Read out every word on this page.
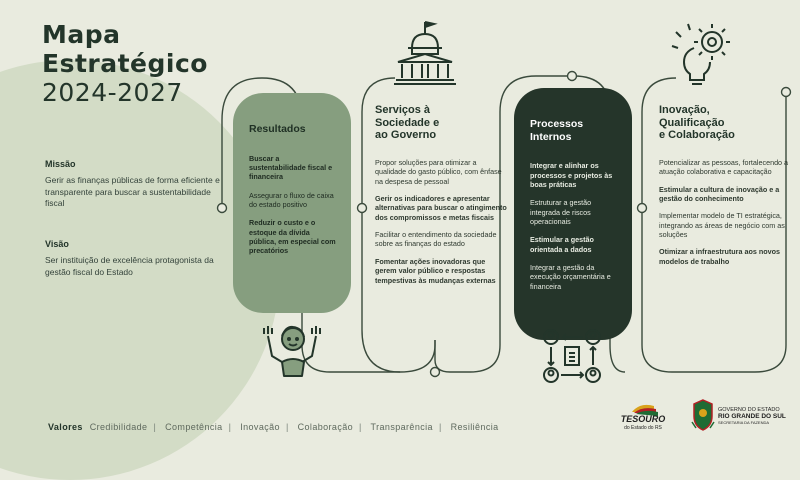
Mapa
Estratégico
2024-2027
Missão
Gerir as finanças públicas de forma eficiente e transparente para buscar a sustentabilidade fiscal
Visão
Ser instituição de excelência protagonista da gestão fiscal do Estado
Resultados
Buscar a sustentabilidade fiscal e financeira
Assegurar o fluxo de caixa do estado positivo
Reduzir o custo e o estoque da dívida pública, em especial com precatórios
Serviços à
Sociedade e
ao Governo
Propor soluções para otimizar a qualidade do gasto público, com ênfase na despesa de pessoal
Gerir os indicadores e apresentar alternativas para buscar o atingimento dos compromissos e metas fiscais
Facilitar o entendimento da sociedade sobre as finanças do estado
Fomentar ações inovadoras que gerem valor público e respostas tempestivas às mudanças externas
Processos
Internos
Integrar e alinhar os processos e projetos às boas práticas
Estruturar a gestão integrada de riscos operacionais
Estimular a gestão orientada a dados
Integrar a gestão da execução orçamentária e financeira
Inovação,
Qualificação
e Colaboração
Potencializar as pessoas, fortalecendo a atuação colaborativa e capacitação
Estimular a cultura de inovação e a gestão do conhecimento
Implementar modelo de TI estratégica, integrando as áreas de negócio com as soluções
Otimizar a infraestrutura aos novos modelos de trabalho
Valores Credibilidade | Competência | Inovação | Colaboração | Transparência | Resiliência
TESOURO
do Estado do RS
GOVERNO DO ESTADO
RIO GRANDE DO SUL
SECRETARIA DA FAZENDA
